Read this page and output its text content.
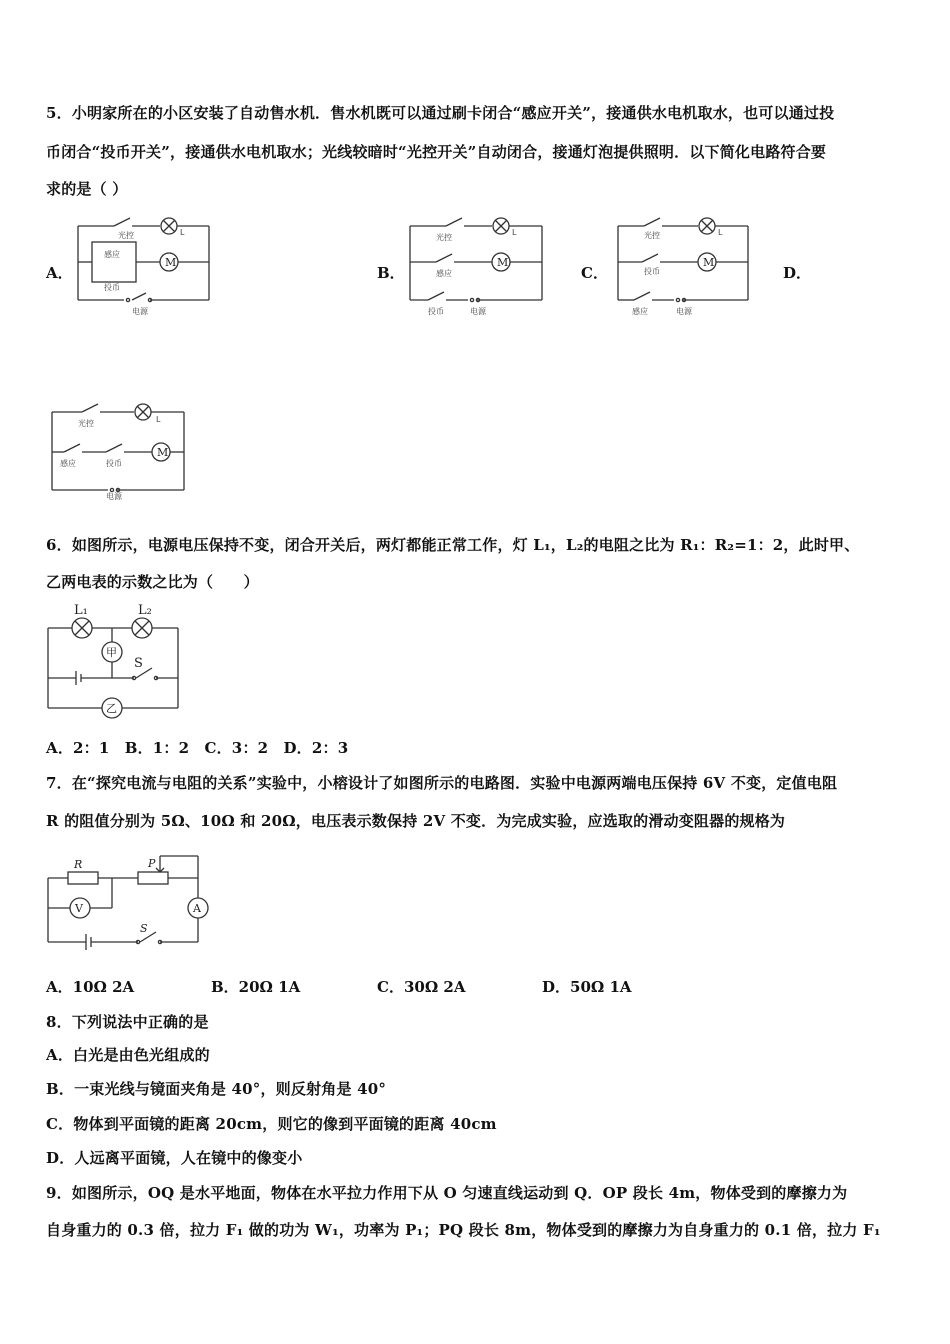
5．小明家所在的小区安装了自动售水机．售水机既可以通过刷卡闭合“感应开关”，接通供水电机取水，也可以通过投
币闭合“投币开关”，接通供水电机取水；光线较暗时“光控开关”自动闭合，接通灯泡提供照明．以下简化电路符合要
求的是（ ）
A．	B．	C．	D．
光控
感应
投币
电源
L
M
光控
感应
投币	电源
L
M
光控
投币
感应	电源
L
M
光控
感应	投币
电源
L
M
6．如图所示，电源电压保持不变，闭合开关后，两灯都能正常工作，灯 L₁，L₂的电阻之比为 R₁：R₂=1：2，此时甲、
乙两电表的示数之比为（　　）
L₁	L₂
甲
S
乙
A．2：1　B．1：2　C．3：2　D．2：3
7．在“探究电流与电阻的关系”实验中，小榕设计了如图所示的电路图．实验中电源两端电压保持 6V 不变，定值电阻
R 的阻值分别为 5Ω、10Ω 和 20Ω，电压表示数保持 2V 不变．为完成实验，应选取的滑动变阻器的规格为
R	P
V	A
S
A．10Ω 2A	B．20Ω 1A	C．30Ω 2A	D．50Ω 1A
8．下列说法中正确的是
A．白光是由色光组成的
B．一束光线与镜面夹角是 40°，则反射角是 40°
C．物体到平面镜的距离 20cm，则它的像到平面镜的距离 40cm
D．人远离平面镜，人在镜中的像变小
9．如图所示，OQ 是水平地面，物体在水平拉力作用下从 O 匀速直线运动到 Q．OP 段长 4m，物体受到的摩擦力为
自身重力的 0.3 倍，拉力 F₁ 做的功为 W₁，功率为 P₁；PQ 段长 8m，物体受到的摩擦力为自身重力的 0.1 倍，拉力 F₁
